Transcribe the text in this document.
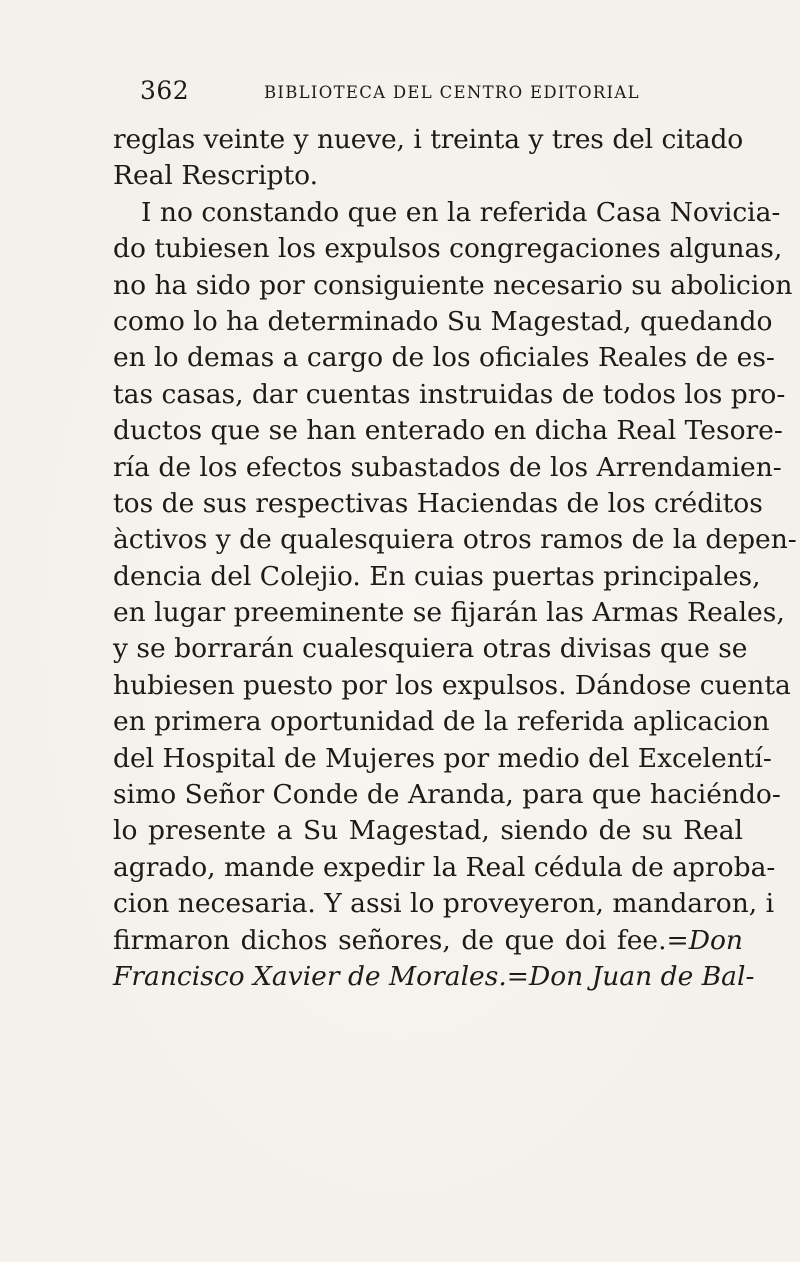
362	BIBLIOTECA DEL CENTRO EDITORIAL
reglas veinte y nueve, i treinta y tres del citado
Real Rescripto.
I no constando que en la referida Casa Novicia-
do tubiesen los expulsos congregaciones algunas,
no ha sido por consiguiente necesario su abolicion
como lo ha determinado Su Magestad, quedando
en lo demas a cargo de los oficiales Reales de es-
tas casas, dar cuentas instruidas de todos los pro-
ductos que se han enterado en dicha Real Tesore-
ría de los efectos subastados de los Arrendamien-
tos de sus respectivas Haciendas de los créditos
àctivos y de qualesquiera otros ramos de la depen-
dencia del Colejio. En cuias puertas principales,
en lugar preeminente se fijarán las Armas Reales,
y se borrarán cualesquiera otras divisas que se
hubiesen puesto por los expulsos. Dándose cuenta
en primera oportunidad de la referida aplicacion
del Hospital de Mujeres por medio del Excelentí-
simo Señor Conde de Aranda, para que haciéndo-
lo presente a Su Magestad, siendo de su Real
agrado, mande expedir la Real cédula de aproba-
cion necesaria. Y assi lo proveyeron, mandaron, i
firmaron dichos señores, de que doi fee.=Don
Francisco Xavier de Morales.=Don Juan de Bal-
